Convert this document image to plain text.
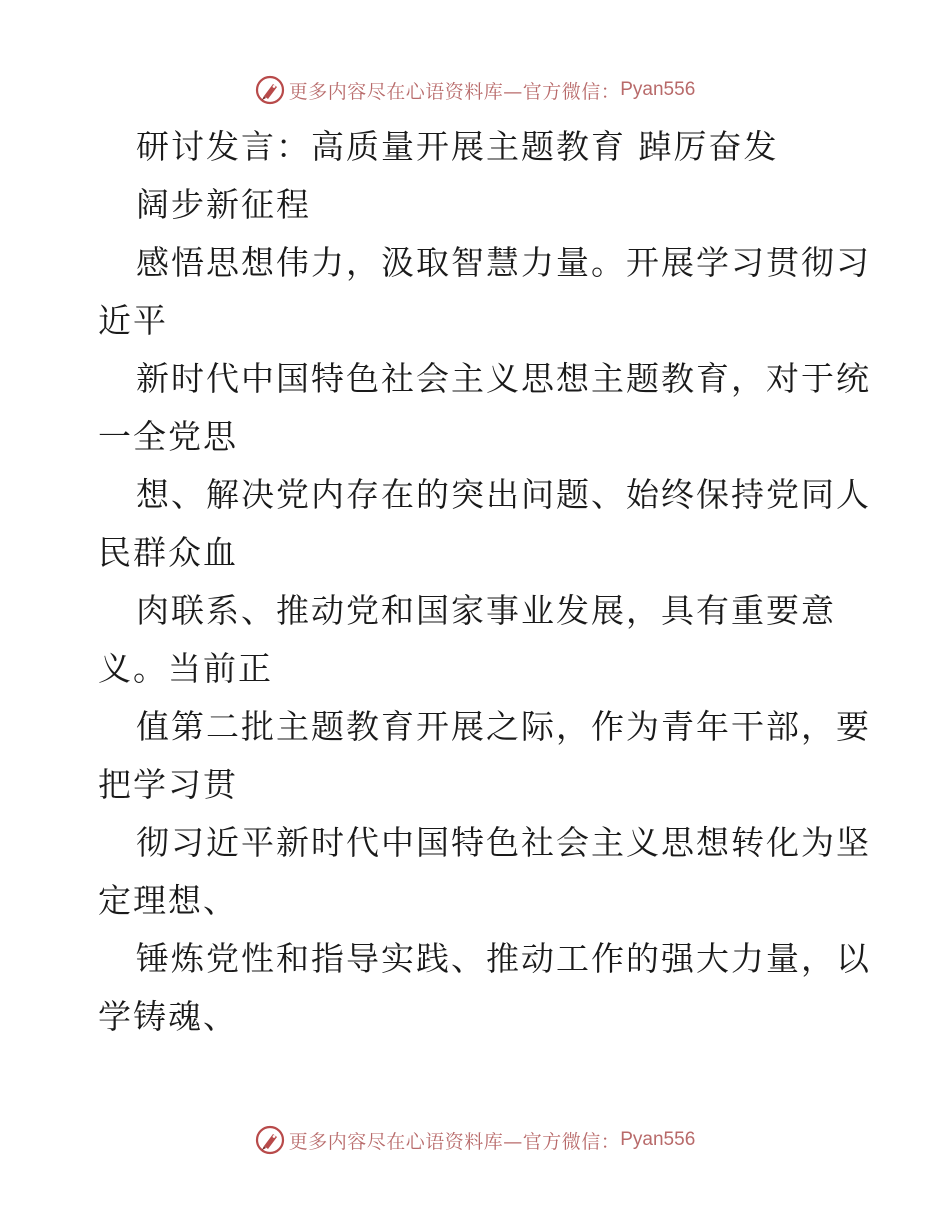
更多内容尽在心语资料库—官方微信： Pyan556
研讨发言：高质量开展主题教育 踔厉奋发
阔步新征程
感悟思想伟力，汲取智慧力量。开展学习贯彻习
近平
新时代中国特色社会主义思想主题教育，对于统
一全党思
想、解决党内存在的突出问题、始终保持党同人
民群众血
肉联系、推动党和国家事业发展，具有重要意
义。当前正
值第二批主题教育开展之际，作为青年干部，要
把学习贯
彻习近平新时代中国特色社会主义思想转化为坚
定理想、
锤炼党性和指导实践、推动工作的强大力量，以
学铸魂、
更多内容尽在心语资料库—官方微信： Pyan556
